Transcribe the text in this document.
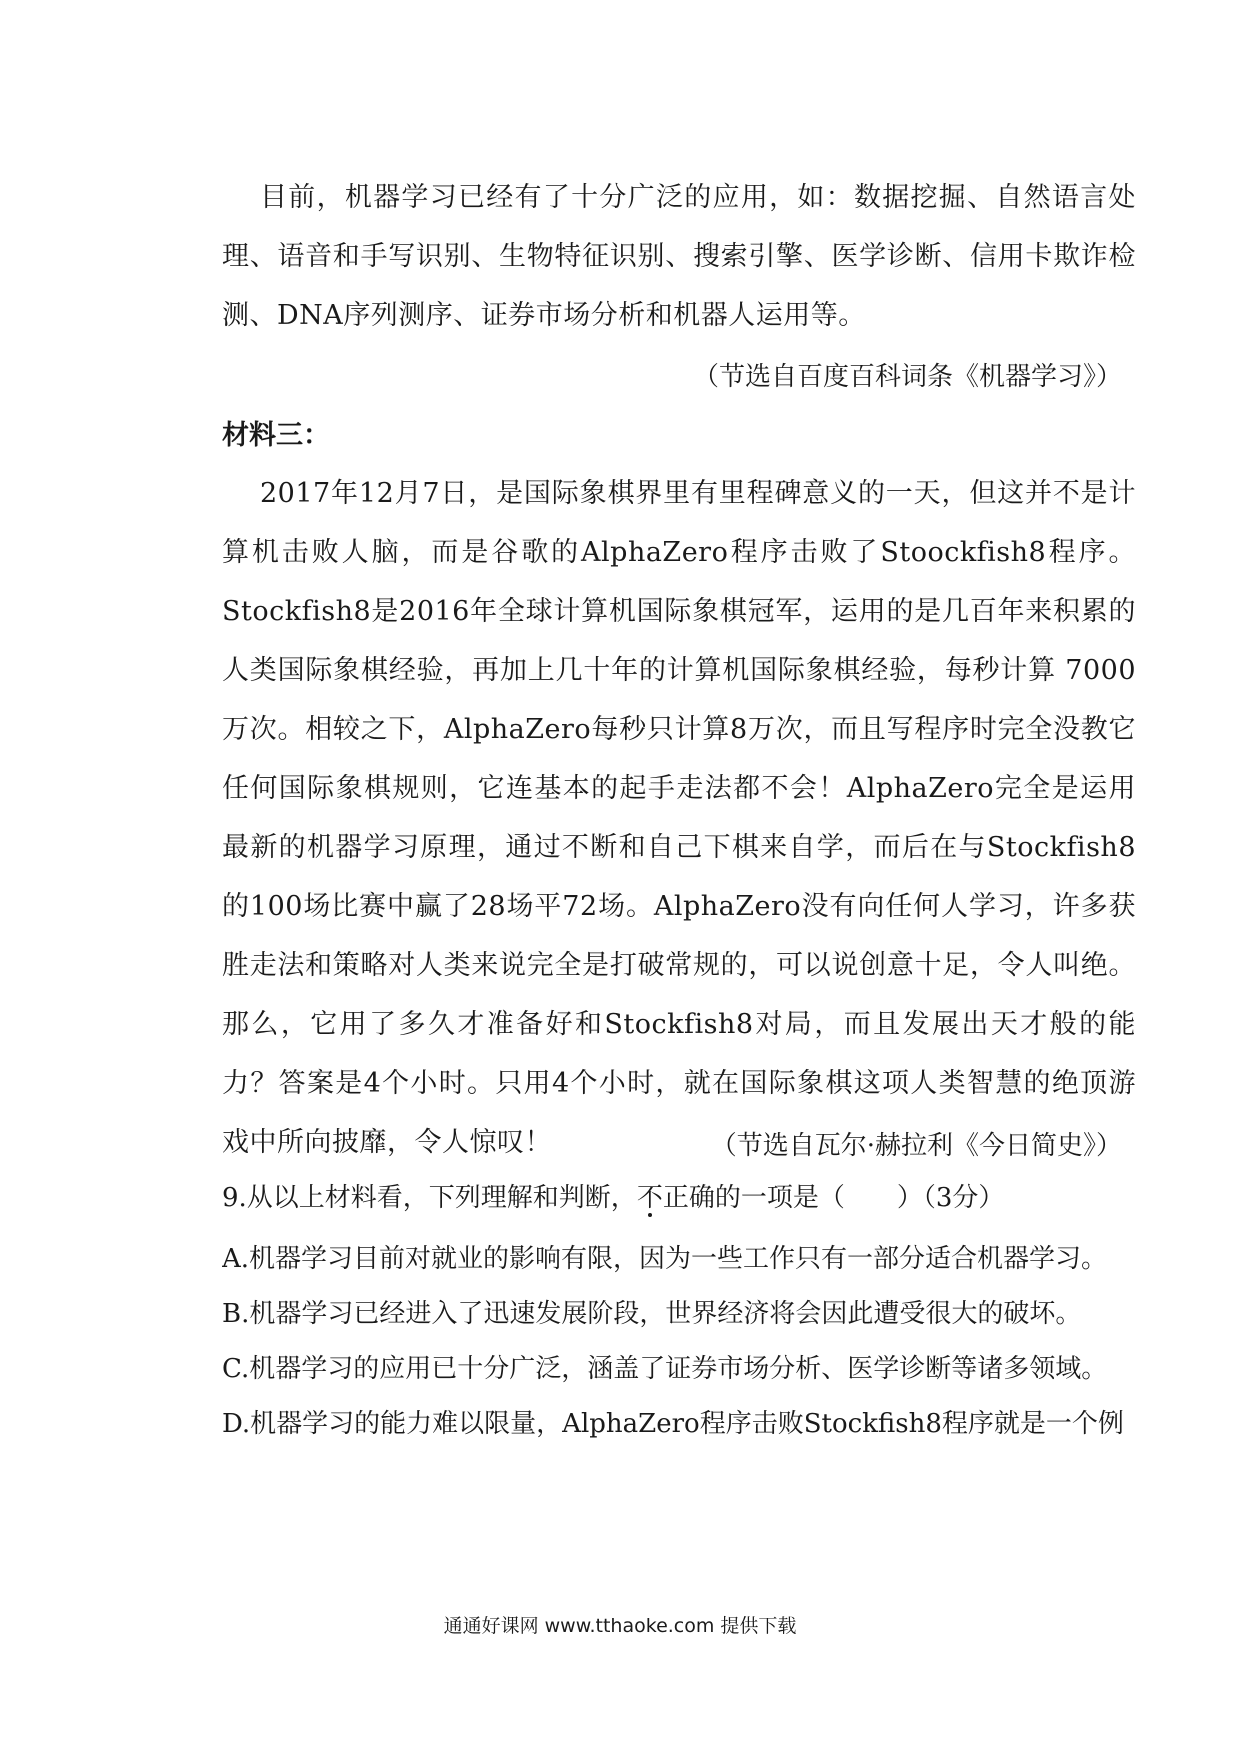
目前，机器学习已经有了十分广泛的应用，如：数据挖掘、自然语言处理、语音和手写识别、生物特征识别、搜索引擎、医学诊断、信用卡欺诈检测、DNA序列测序、证券市场分析和机器人运用等。

（节选自百度百科词条《机器学习》）

材料三：

2017年12月7日，是国际象棋界里有里程碑意义的一天，但这并不是计算机击败人脑，而是谷歌的AlphaZero程序击败了Stoockfish8程序。Stockfish8是2016年全球计算机国际象棋冠军，运用的是几百年来积累的人类国际象棋经验，再加上几十年的计算机国际象棋经验，每秒计算 7000 万次。相较之下，AlphaZero每秒只计算8万次，而且写程序时完全没教它任何国际象棋规则，它连基本的起手走法都不会！AlphaZero完全是运用最新的机器学习原理，通过不断和自己下棋来自学，而后在与Stockfish8的100场比赛中赢了28场平72场。AlphaZero没有向任何人学习，许多获胜走法和策略对人类来说完全是打破常规的，可以说创意十足，令人叫绝。那么，它用了多久才准备好和Stockfish8对局，而且发展出天才般的能力？答案是4个小时。只用4个小时，就在国际象棋这项人类智慧的绝顶游戏中所向披靡，令人惊叹！	（节选自瓦尔·赫拉利《今日简史》）

9.从以上材料看，下列理解和判断，不正确的一项是（　　）（3分）

A.机器学习目前对就业的影响有限，因为一些工作只有一部分适合机器学习。
B.机器学习已经进入了迅速发展阶段，世界经济将会因此遭受很大的破坏。
C.机器学习的应用已十分广泛，涵盖了证券市场分析、医学诊断等诸多领域。
D.机器学习的能力难以限量，AlphaZero程序击败Stockfish8程序就是一个例

通通好课网 www.tthaoke.com 提供下载
